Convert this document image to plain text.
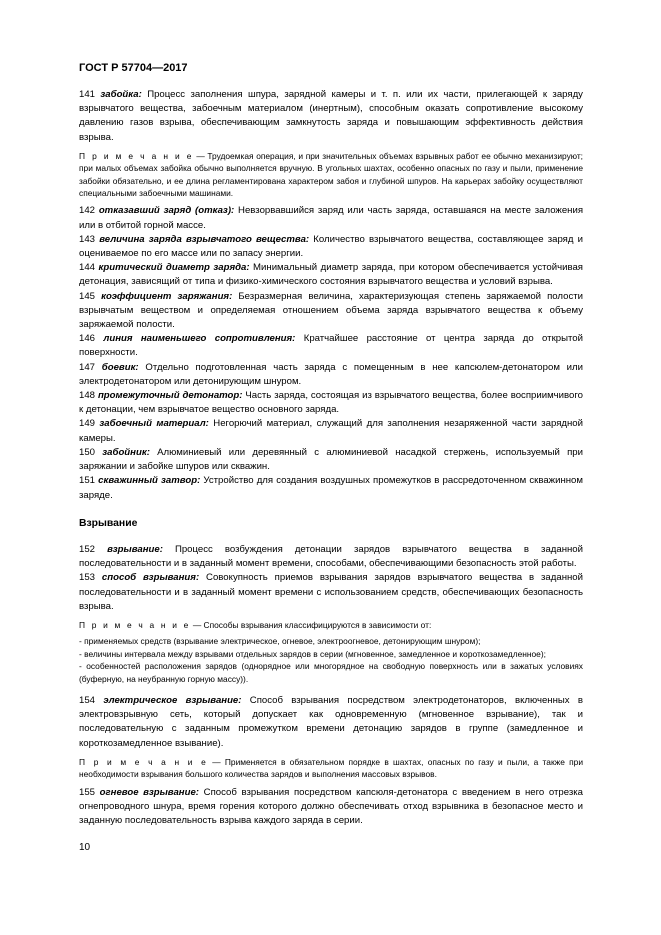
ГОСТ Р 57704—2017

141 забойка: Процесс заполнения шпура, зарядной камеры и т. п. или их части, прилегающей к заряду взрывчатого вещества, забоечным материалом (инертным), способным оказать сопротивление высокому давлению газов взрыва, обеспечивающим замкнутость заряда и повышающим эффективность действия взрыва.

П р и м е ч а н и е — Трудоемкая операция, и при значительных объемах взрывных работ ее обычно механизируют; при малых объемах забойка обычно выполняется вручную. В угольных шахтах, особенно опасных по газу и пыли, применение забойки обязательно, и ее длина регламентирована характером забоя и глубиной шпуров. На карьерах забойку осуществляют специальными забоечными машинами.

142 отказавший заряд (отказ): Невзорвавшийся заряд или часть заряда, оставшаяся на месте заложения или в отбитой горной массе.

143 величина заряда взрывчатого вещества: Количество взрывчатого вещества, составляющее заряд и оцениваемое по его массе или по запасу энергии.

144 критический диаметр заряда: Минимальный диаметр заряда, при котором обеспечивается устойчивая детонация, зависящий от типа и физико-химического состояния взрывчатого вещества и условий взрыва.

145 коэффициент заряжания: Безразмерная величина, характеризующая степень заряжаемой полости взрывчатым веществом и определяемая отношением объема заряда взрывчатого вещества к объему заряжаемой полости.

146 линия наименьшего сопротивления: Кратчайшее расстояние от центра заряда до открытой поверхности.

147 боевик: Отдельно подготовленная часть заряда с помещенным в нее капсюлем-детонатором или электродетонатором или детонирующим шнуром.

148 промежуточный детонатор: Часть заряда, состоящая из взрывчатого вещества, более восприимчивого к детонации, чем взрывчатое вещество основного заряда.

149 забоечный материал: Негорючий материал, служащий для заполнения незаряженной части зарядной камеры.

150 забойник: Алюминиевый или деревянный с алюминиевой насадкой стержень, используемый при заряжании и забойке шпуров или скважин.

151 скважинный затвор: Устройство для создания воздушных промежутков в рассредоточенном скважинном заряде.

Взрывание

152 взрывание: Процесс возбуждения детонации зарядов взрывчатого вещества в заданной последовательности и в заданный момент времени, способами, обеспечивающими безопасность этой работы.

153 способ взрывания: Совокупность приемов взрывания зарядов взрывчатого вещества в заданной последовательности и в заданный момент времени с использованием средств, обеспечивающих безопасность взрыва.

П р и м е ч а н и е — Способы взрывания классифицируются в зависимости от:

- применяемых средств (взрывание электрическое, огневое, электроогневое, детонирующим шнуром);

- величины интервала между взрывами отдельных зарядов в серии (мгновенное, замедленное и короткозамедленное);

- особенностей расположения зарядов (однорядное или многорядное на свободную поверхность или в зажатых условиях (буферную, на неубранную горную массу)).

154 электрическое взрывание: Способ взрывания посредством электродетонаторов, включенных в электровзрывную сеть, который допускает как одновременную (мгновенное взрывание), так и последовательную с заданным промежутком времени детонацию зарядов в группе (замедленное и короткозамедленное взывание).

П р и м е ч а н и е — Применяется в обязательном порядке в шахтах, опасных по газу и пыли, а также при необходимости взрывания большого количества зарядов и выполнения массовых взрывов.

155 огневое взрывание: Способ взрывания посредством капсюля-детонатора с введением в него отрезка огнепроводного шнура, время горения которого должно обеспечивать отход взрывника в безопасное место и заданную последовательность взрыва каждого заряда в серии.

10
